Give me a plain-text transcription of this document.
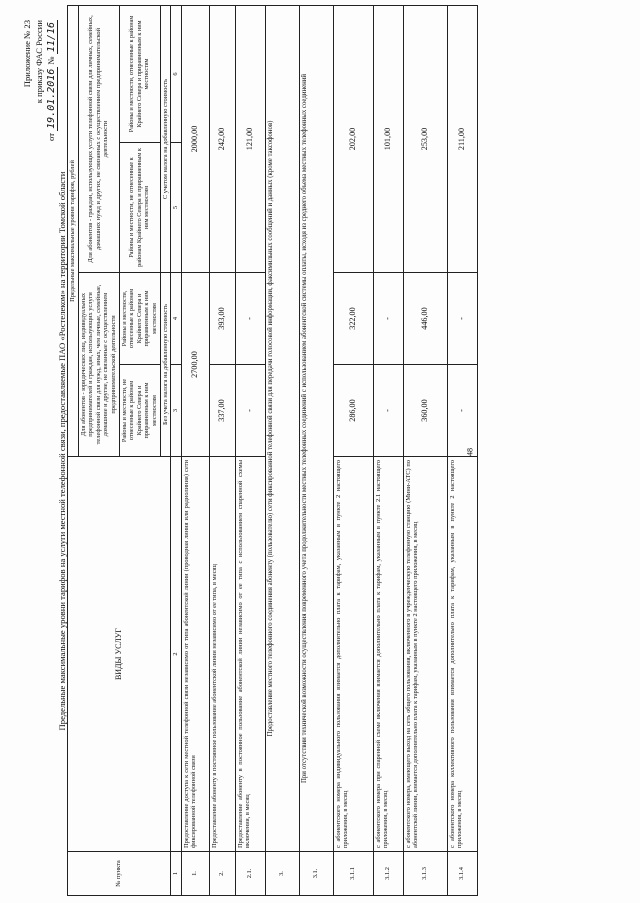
48
Приложение № 23 к приказу ФАС России
от 19.01.2016 № 11/16
Предельные максимальные уровни тарифов на услуги местной телефонной связи, предоставляемые ПАО «Ростелеком» на территории Томской области
№ пункта	ВИДЫ УСЛУГ	Предельные максимальные уровни тарифов, рублей			
		Для абонентов - юридических лиц, индивидуальных предпринимателей и граждан, использующих услуги телефонной связи для нужд, иных, чем личные, семейные, домашние и другие, не связанные с осуществлением предпринимательской деятельности		Для абонентов - граждан, использующих услуги телефонной связи для личных, семейных, домашних нужд и других, не связанных с осуществлением предпринимательской деятельности	
		Районы и местности, не отнесенные к районам Крайнего Севера и приравненным к ним местностям	Районы и местности, отнесенные к районам Крайнего Севера и приравненным к ним местностям	Районы и местности, не отнесенные к районам Крайнего Севера и приравненным к ним местностям	Районы и местности, отнесенные к районам Крайнего Севера и приравненным к ним местностям
		Без учета налога на добавленную стоимость		С учетом налога на добавленную стоимость	
1	2	3	4	5	6
1.	Предоставление доступа к сети местной телефонной связи независимо от типа абонентской линии (проводная линия или радиолиния) сети фиксированной телефонной связи	2700,00		2000,00	
2.	Предоставление абоненту в постоянное пользование абонентской линии независимо от ее типа, в месяц	337,00	393,00	242,00	
2.1.	Предоставление абоненту в постоянное пользование абонентской линии независимо от ее типа с использованием спаренной схемы включения, в месяц	-	-	121,00	
3.	Предоставление местного телефонного соединения абоненту (пользователю) сети фиксированной телефонной связи для передачи голосовой информации, факсимильных сообщений и данных (кроме таксофонов)				
3.1.	При отсутствии технической возможности осуществления повременного учета продолжительности местных телефонных соединений с использованием абонентской системы оплаты, исходя из среднего объема местных телефонных соединений				
3.1.1	с абонентского номера индивидуального пользования взимается дополнительно плата к тарифам, указанным в пункте 2 настоящего приложения, в месяц	286,00	322,00	202,00	
3.1.2	с абонентского номера при спаренной схеме включения взимается дополнительно плата к тарифам, указанным в пункте 2.1 настоящего приложения, в месяц	-	-	101,00	
3.1.3	с абонентского номера, имеющего выход на сеть общего пользования, включенного в учрежденческую телефонную станцию (Мини-АТС) по абонентской линии, взимается дополнительно плата к тарифам, указанным в пункте 2 настоящего приложения, в месяц	360,00	446,00	253,00	
3.1.4	с абонентского номера коллективного пользования взимается дополнительно плата к тарифам, указанным в пункте 2 настоящего приложения, в месяц	-	-	211,00	
